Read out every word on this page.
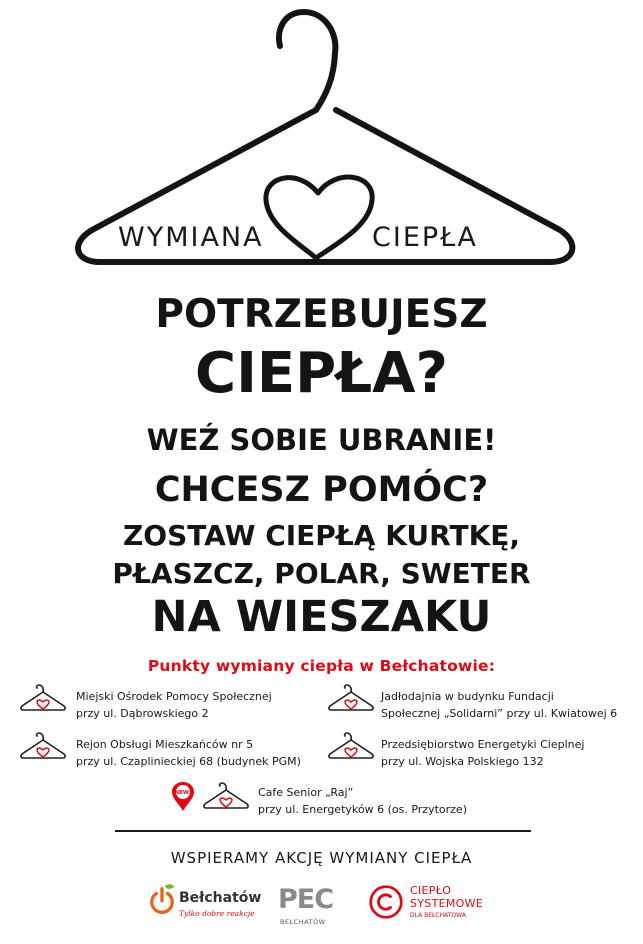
WYMIANA	CIEPŁA
POTRZEBUJESZ
CIEPŁA?
WEŹ SOBIE UBRANIE!
CHCESZ POMÓC?
ZOSTAW CIEPŁĄ KURTKĘ,
PŁASZCZ, POLAR, SWETER
NA WIESZAKU
Punkty wymiany ciepła w Bełchatowie:
Miejski Ośrodek Pomocy Społecznej
przy ul. Dąbrowskiego 2
Jadłodajnia w budynku Fundacji
Społecznej „Solidarni” przy ul. Kwiatowej 6
Rejon Obsługi Mieszkańców nr 5
przy ul. Czaplinieckiej 68 (budynek PGM)
Przedsiębiorstwo Energetyki Cieplnej
przy ul. Wojska Polskiego 132
NEW!	Cafe Senior „Raj”
przy ul. Energetyków 6 (os. Przytorze)
WSPIERAMY AKCJĘ WYMIANY CIEPŁA
Bełchatów
Tylko dobre reakcje PEC
BEŁCHATÓW
CIEPŁO
SYSTEMOWE
DLA BEŁCHATOWA
